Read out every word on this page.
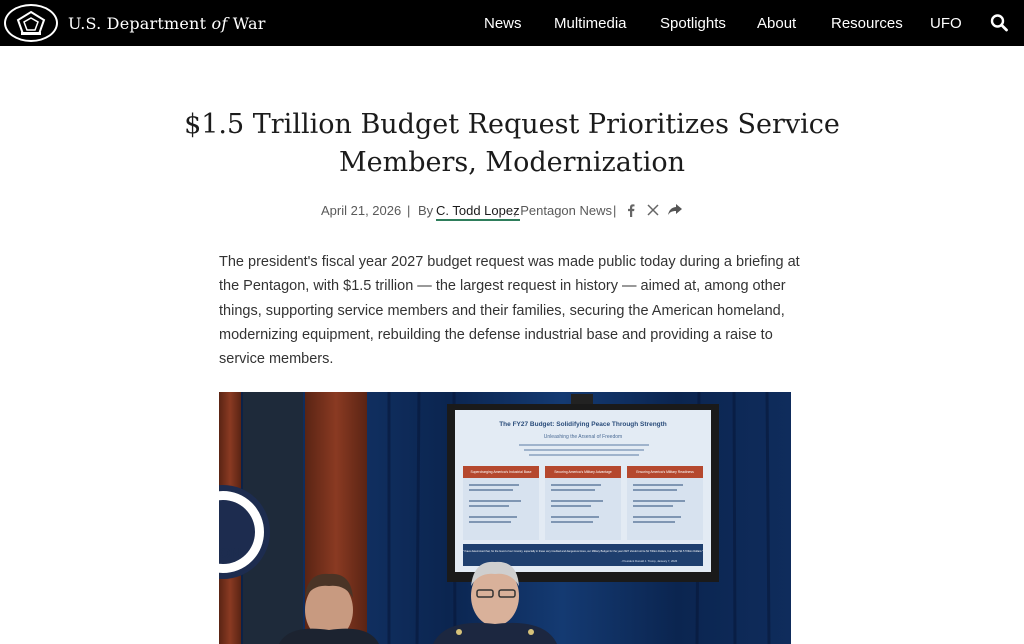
U.S. Department of War	News Multimedia Spotlights About Resources UFO
$1.5 Trillion Budget Request Prioritizes Service
Members, Modernization
April 21, 2026 | By C. Todd Lopez
, Pentagon News |

The president's fiscal year 2027 budget request was made public today during a briefing at the Pentagon, with $1.5 trillion — the largest request in history — aimed at, among other things, supporting service members and their families, securing the American homeland, modernizing equipment, rebuilding the defense industrial base and providing a raise to service members.

ON
The FY27 Budget: Solidifying Peace Through Strength
Unleashing the Arsenal of Freedom
Supercharging America's Industrial Base	Securing America's Military Advantage	Ensuring America's Military Readiness
"I have determined that, for the Good of our Country, especially in these very troubled and dangerous times, our Military Budget for the year 2027 should not be $1 Trillion Dollars, but rather $1.5 Trillion Dollars."
- President Donald J. Trump, January 7, 2026
